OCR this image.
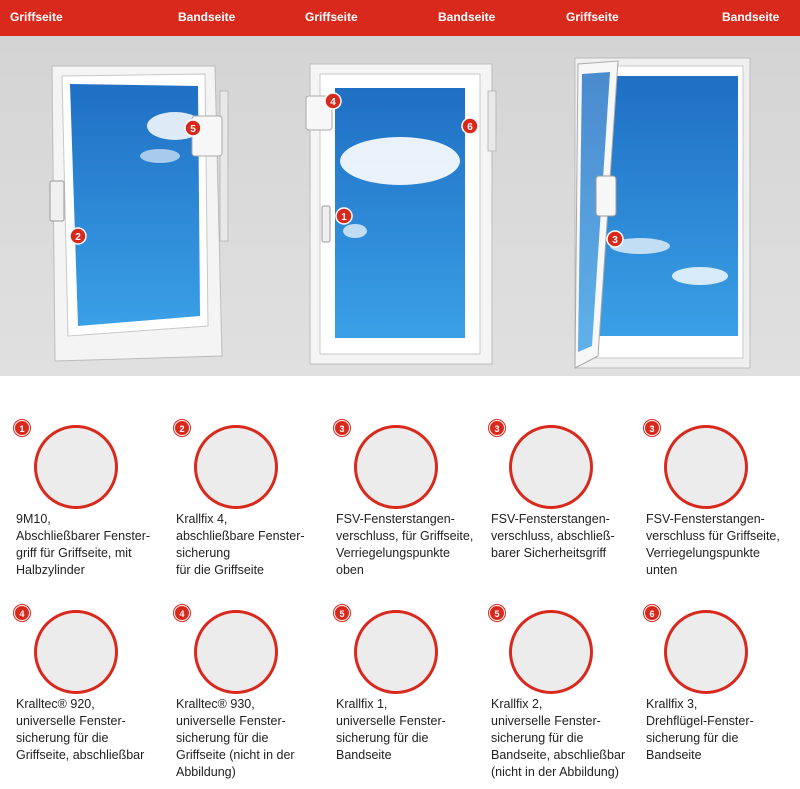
Griffseite	Bandseite	Griffseite	Bandseite	Griffseite	Bandseite
1
2	3
4
5	6
1
9M10,
Abschließbarer Fenster-
griff für Griffseite, mit
Halbzylinder
2
Krallfix 4,
abschließbare Fenster-
sicherung
für die Griffseite
3
FSV-Fensterstangen-
verschluss, für Griffseite,
Verriegelungspunkte
oben
3
FSV-Fensterstangen-
verschluss, abschließ-
barer Sicherheitsgriff
3
FSV-Fensterstangen-
verschluss für Griffseite,
Verriegelungspunkte
unten
4
Kralltec® 920,
universelle Fenster-
sicherung für die
Griffseite, abschließbar
4
Kralltec® 930,
universelle Fenster-
sicherung für die
Griffseite (nicht in der
Abbildung)
5
Krallfix 1,
universelle Fenster-
sicherung für die
Bandseite
5
Krallfix 2,
universelle Fenster-
sicherung für die
Bandseite, abschließbar
(nicht in der Abbildung)
6
Krallfix 3,
Drehflügel-Fenster-
sicherung für die
Bandseite
